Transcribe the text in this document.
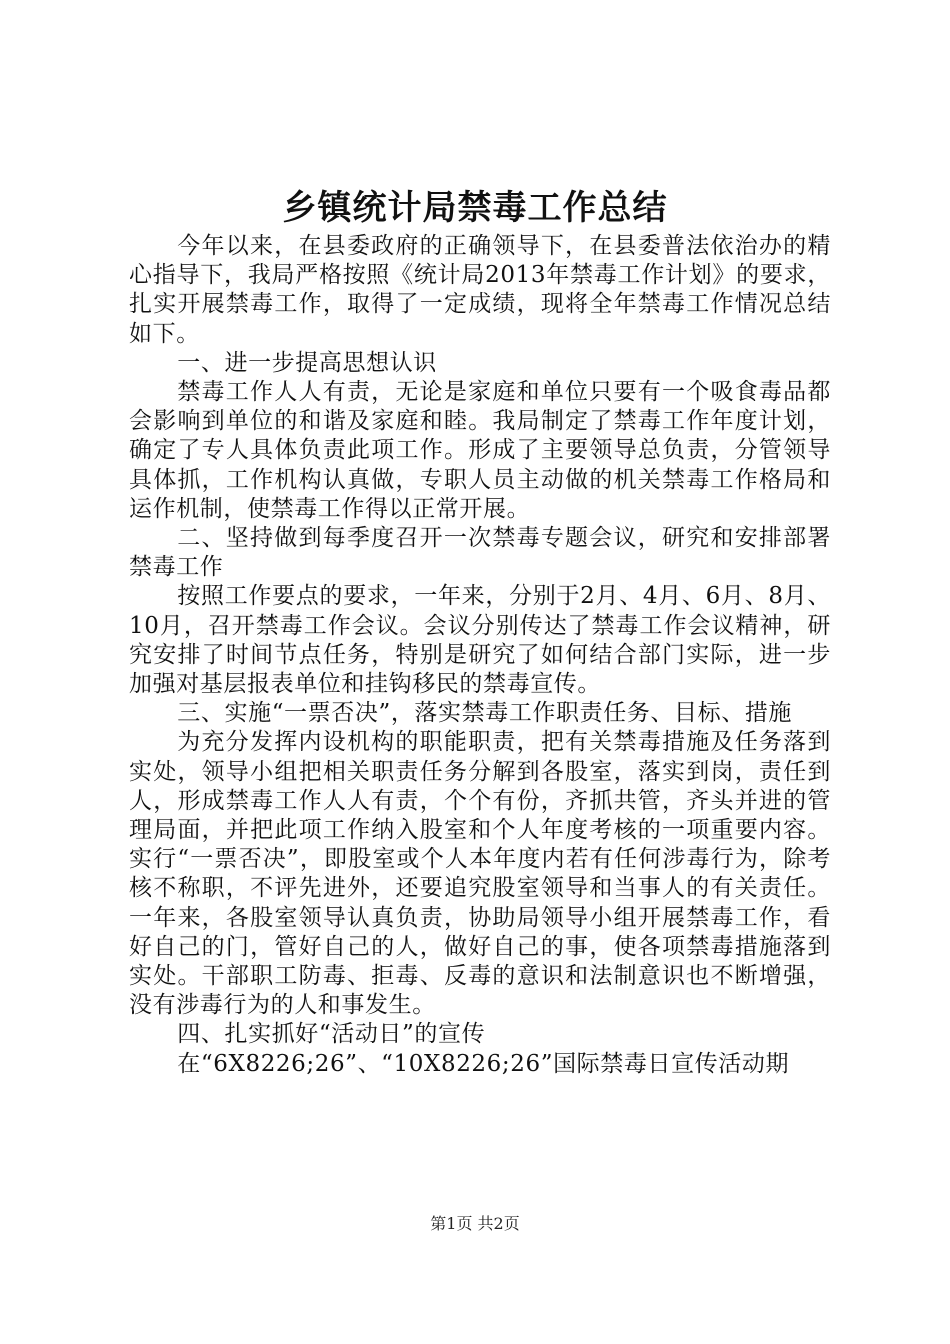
乡镇统计局禁毒工作总结

今年以来，在县委政府的正确领导下，在县委普法依治办的精心指导下，我局严格按照《统计局2013年禁毒工作计划》的要求，扎实开展禁毒工作，取得了一定成绩，现将全年禁毒工作情况总结如下。

一、进一步提高思想认识

禁毒工作人人有责，无论是家庭和单位只要有一个吸食毒品都会影响到单位的和谐及家庭和睦。我局制定了禁毒工作年度计划，确定了专人具体负责此项工作。形成了主要领导总负责，分管领导具体抓，工作机构认真做，专职人员主动做的机关禁毒工作格局和运作机制，使禁毒工作得以正常开展。

二、坚持做到每季度召开一次禁毒专题会议，研究和安排部署禁毒工作

按照工作要点的要求，一年来，分别于2月、4月、6月、8月、10月，召开禁毒工作会议。会议分别传达了禁毒工作会议精神，研究安排了时间节点任务，特别是研究了如何结合部门实际，进一步加强对基层报表单位和挂钩移民的禁毒宣传。

三、实施“一票否决”，落实禁毒工作职责任务、目标、措施

为充分发挥内设机构的职能职责，把有关禁毒措施及任务落到实处，领导小组把相关职责任务分解到各股室，落实到岗，责任到人，形成禁毒工作人人有责，个个有份，齐抓共管，齐头并进的管理局面，并把此项工作纳入股室和个人年度考核的一项重要内容。实行“一票否决”，即股室或个人本年度内若有任何涉毒行为，除考核不称职，不评先进外，还要追究股室领导和当事人的有关责任。一年来，各股室领导认真负责，协助局领导小组开展禁毒工作，看好自己的门，管好自己的人，做好自己的事，使各项禁毒措施落到实处。干部职工防毒、拒毒、反毒的意识和法制意识也不断增强，没有涉毒行为的人和事发生。

四、扎实抓好“活动日”的宣传

在“6X8226;26”、“10X8226;26”国际禁毒日宣传活动期

第1页 共2页
